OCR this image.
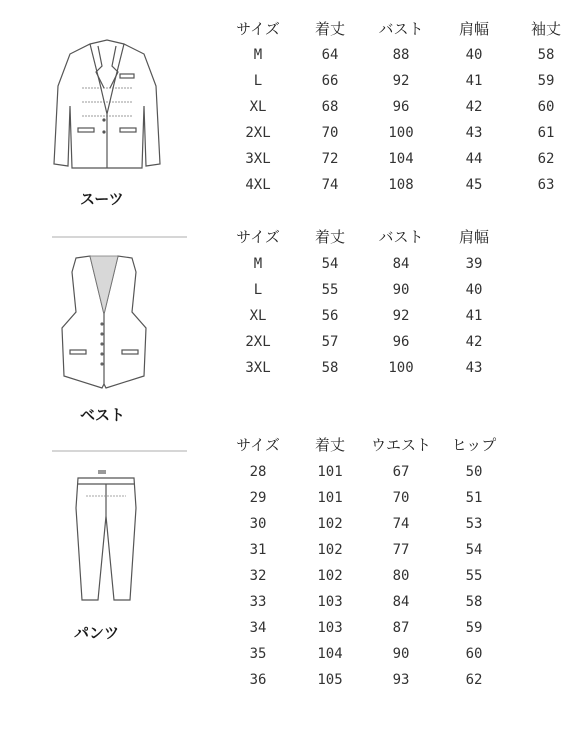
スーツ
ベスト
パンツ
サイズ	着丈	バスト	肩幅	袖丈
M	64	88	40	58
L	66	92	41	59
XL	68	96	42	60
2XL	70	100	43	61
3XL	72	104	44	62
4XL	74	108	45	63
サイズ	着丈	バスト	肩幅
M	54	84	39
L	55	90	40
XL	56	92	41
2XL	57	96	42
3XL	58	100	43
サイズ	着丈	ウエスト	ヒップ
28	101	67	50
29	101	70	51
30	102	74	53
31	102	77	54
32	102	80	55
33	103	84	58
34	103	87	59
35	104	90	60
36	105	93	62
